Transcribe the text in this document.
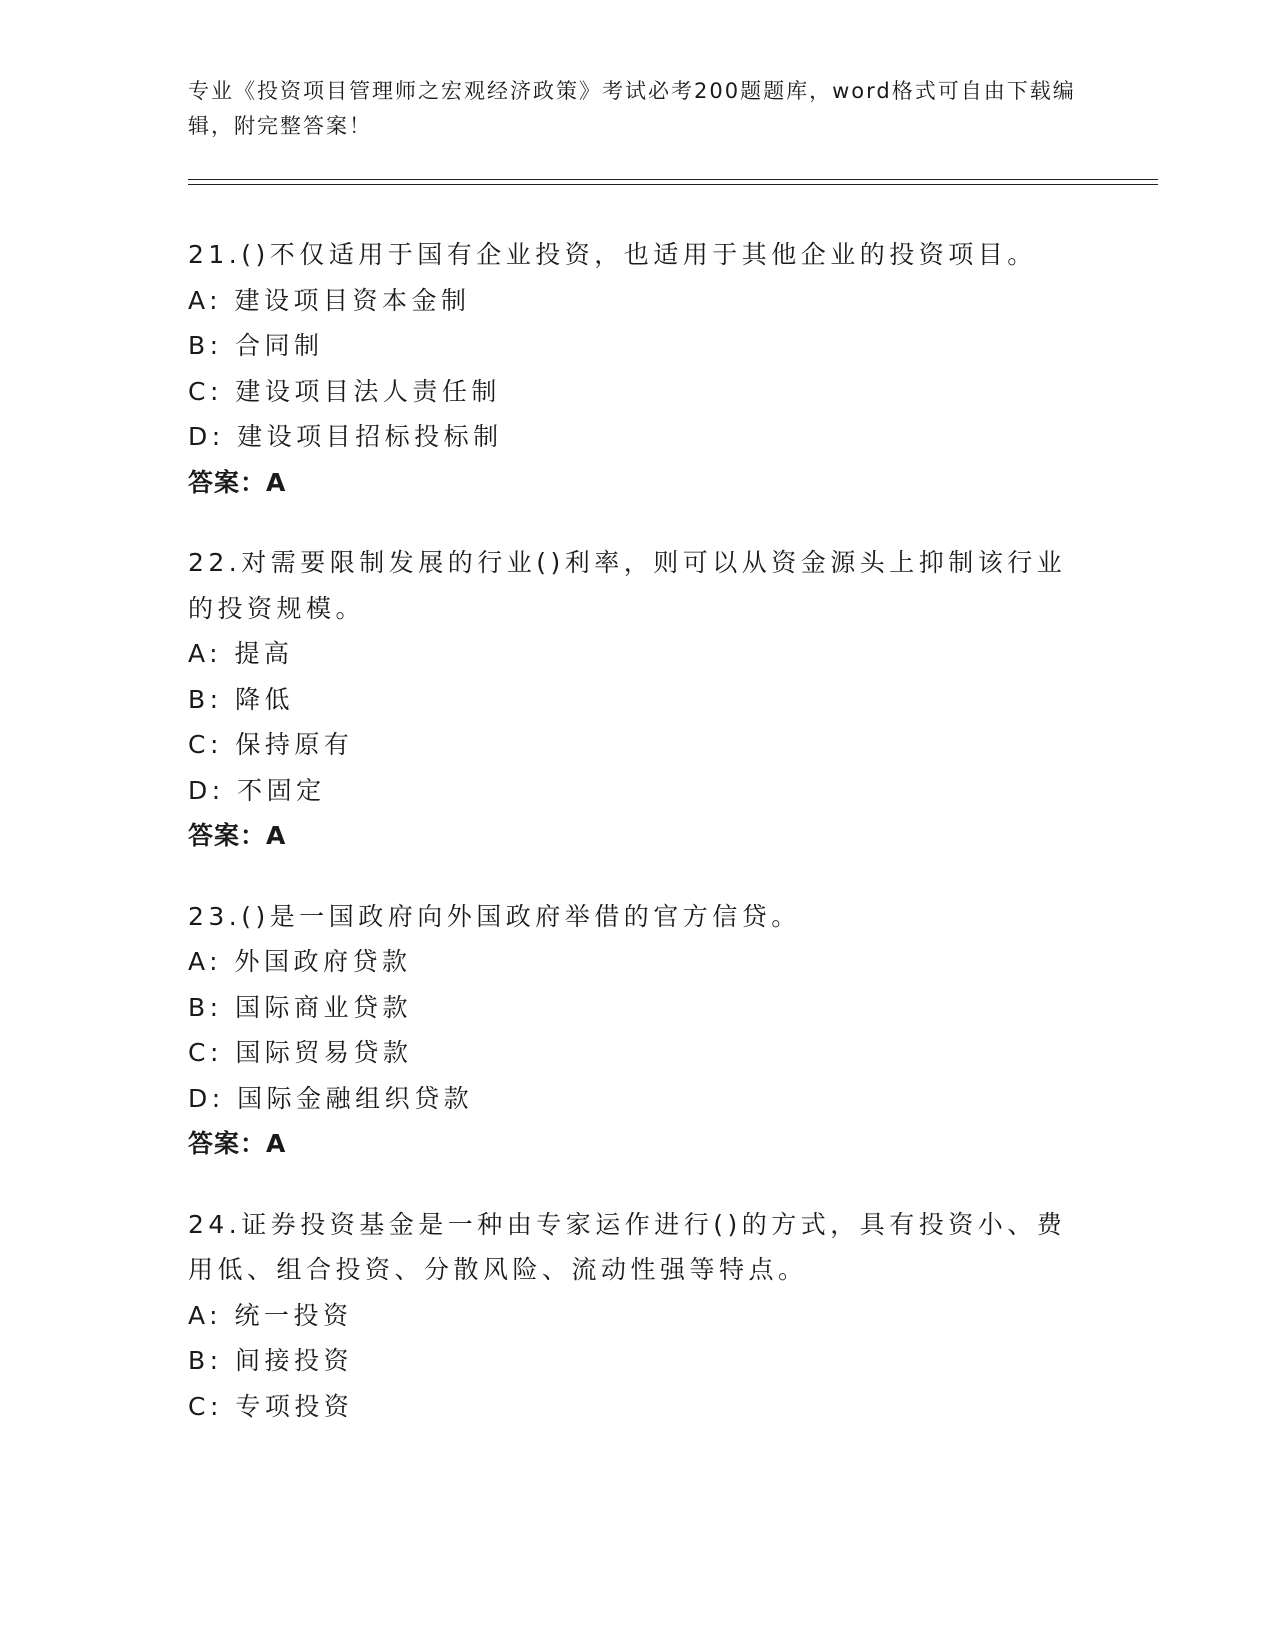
专业《投资项目管理师之宏观经济政策》考试必考200题题库，word格式可自由下载编辑，附完整答案！
21.()不仅适用于国有企业投资，也适用于其他企业的投资项目。
A: 建设项目资本金制
B: 合同制
C: 建设项目法人责任制
D: 建设项目招标投标制
答案：A
22.对需要限制发展的行业()利率，则可以从资金源头上抑制该行业的投资规模。
A: 提高
B: 降低
C: 保持原有
D: 不固定
答案：A
23.()是一国政府向外国政府举借的官方信贷。
A: 外国政府贷款
B: 国际商业贷款
C: 国际贸易贷款
D: 国际金融组织贷款
答案：A
24.证券投资基金是一种由专家运作进行()的方式，具有投资小、费用低、组合投资、分散风险、流动性强等特点。
A: 统一投资
B: 间接投资
C: 专项投资
